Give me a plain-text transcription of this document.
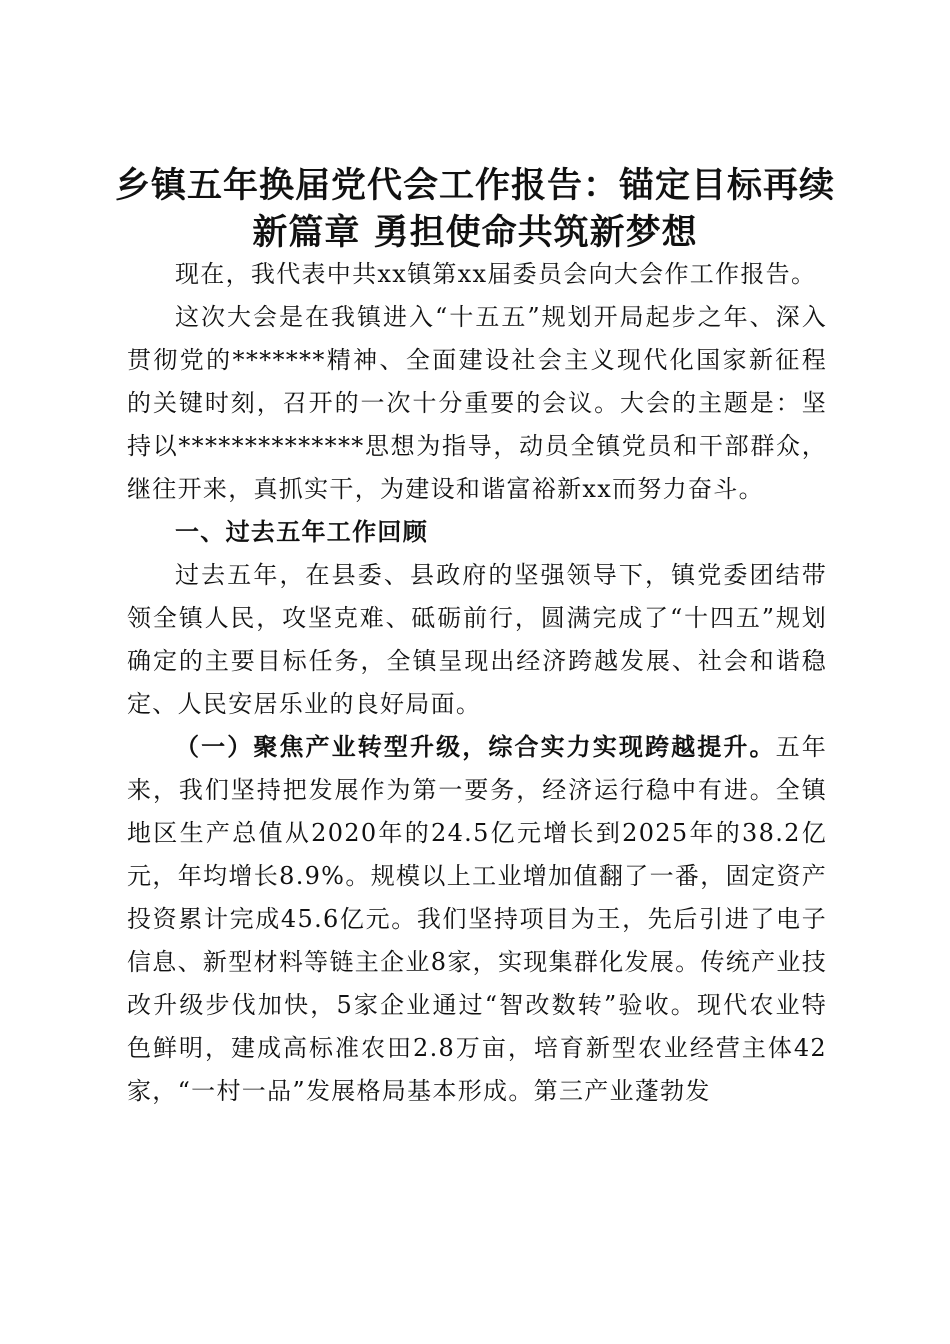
乡镇五年换届党代会工作报告：锚定目标再续
新篇章 勇担使命共筑新梦想

现在，我代表中共xx镇第xx届委员会向大会作工作报告。

这次大会是在我镇进入“十五五”规划开局起步之年、深入贯彻党的*******精神、全面建设社会主义现代化国家新征程的关键时刻，召开的一次十分重要的会议。大会的主题是：坚持以**************思想为指导，动员全镇党员和干部群众，继往开来，真抓实干，为建设和谐富裕新xx而努力奋斗。

一、过去五年工作回顾

过去五年，在县委、县政府的坚强领导下，镇党委团结带领全镇人民，攻坚克难、砥砺前行，圆满完成了“十四五”规划确定的主要目标任务，全镇呈现出经济跨越发展、社会和谐稳定、人民安居乐业的良好局面。

（一）聚焦产业转型升级，综合实力实现跨越提升。五年来，我们坚持把发展作为第一要务，经济运行稳中有进。全镇地区生产总值从2020年的24.5亿元增长到2025年的38.2亿元，年均增长8.9%。规模以上工业增加值翻了一番，固定资产投资累计完成45.6亿元。我们坚持项目为王，先后引进了电子信息、新型材料等链主企业8家，实现集群化发展。传统产业技改升级步伐加快，5家企业通过“智改数转”验收。现代农业特色鲜明，建成高标准农田2.8万亩，培育新型农业经营主体42家，“一村一品”发展格局基本形成。第三产业蓬勃发
